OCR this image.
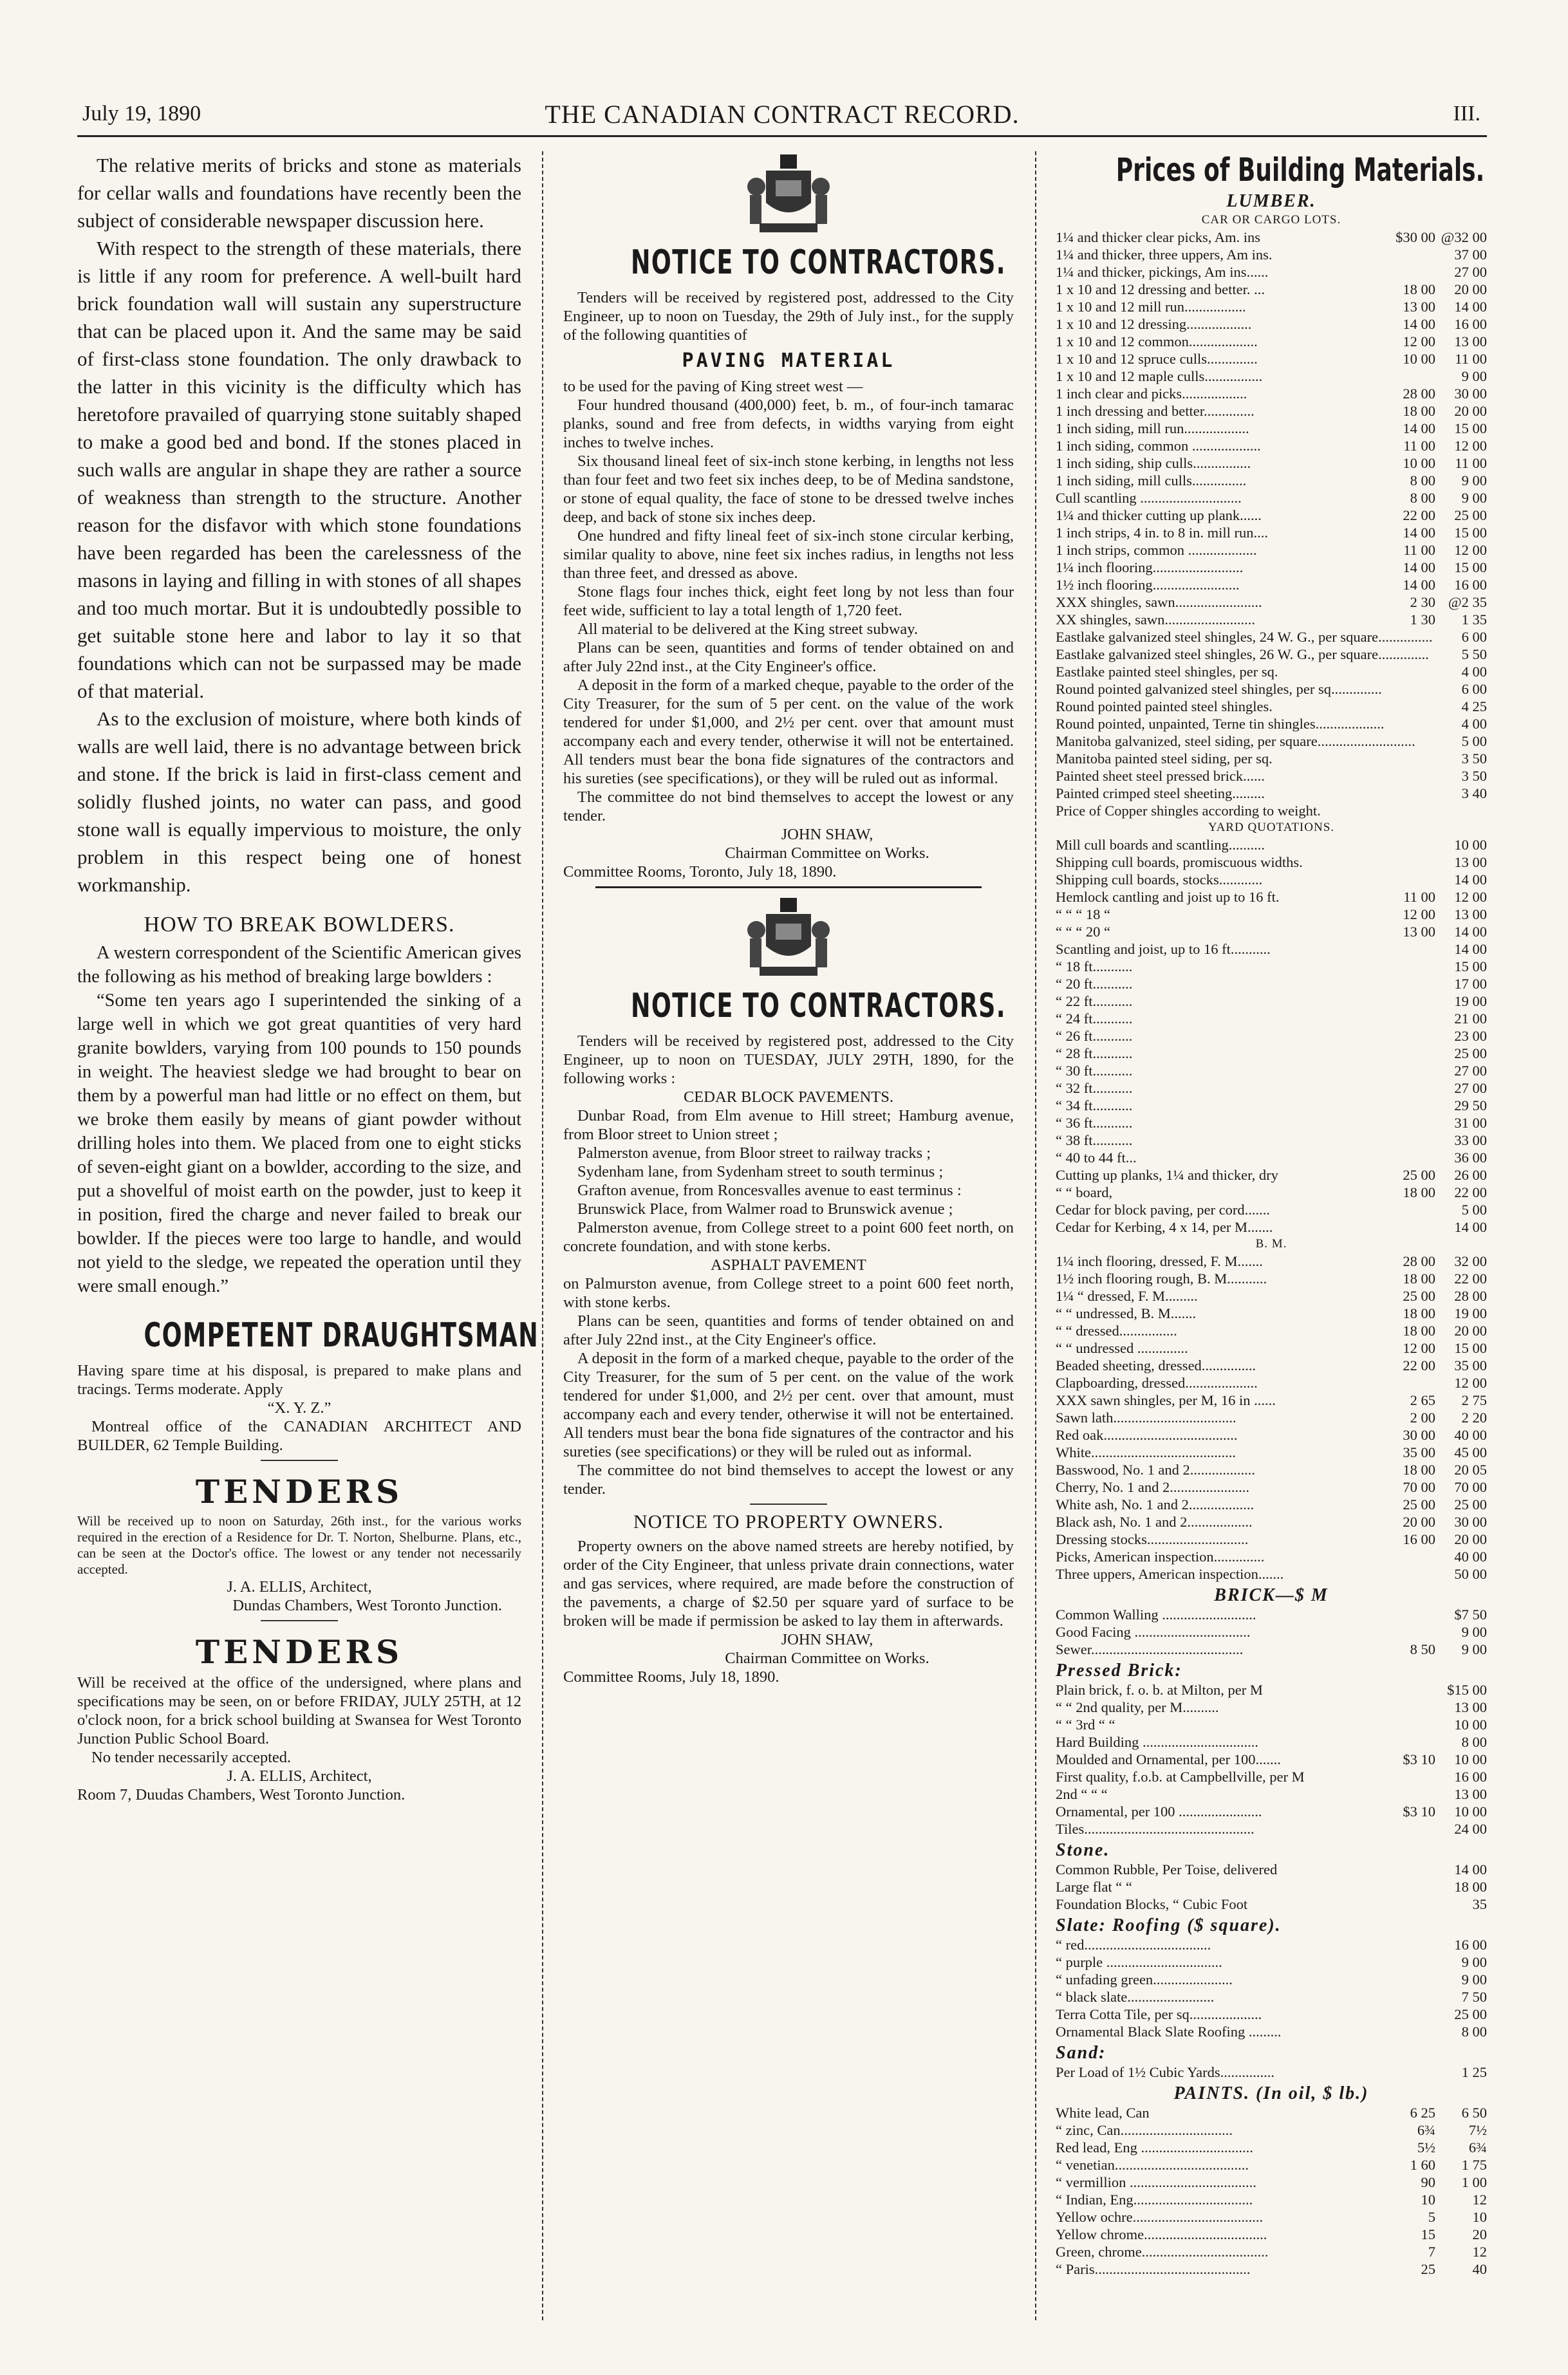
July 19, 1890	THE CANADIAN CONTRACT RECORD.	III.

The relative merits of bricks and stone as materials for cellar walls and foundations have recently been the subject of considerable newspaper discussion here.

With respect to the strength of these materials, there is little if any room for preference. A well-built hard brick foundation wall will sustain any superstructure that can be placed upon it. And the same may be said of first-class stone foundation. The only drawback to the latter in this vicinity is the difficulty which has heretofore pravailed of quarrying stone suitably shaped to make a good bed and bond. If the stones placed in such walls are angular in shape they are rather a source of weakness than strength to the structure. Another reason for the disfavor with which stone foundations have been regarded has been the carelessness of the masons in laying and filling in with stones of all shapes and too much mortar. But it is undoubtedly possible to get suitable stone here and labor to lay it so that foundations which can not be surpassed may be made of that material.

As to the exclusion of moisture, where both kinds of walls are well laid, there is no advantage between brick and stone. If the brick is laid in first-class cement and solidly flushed joints, no water can pass, and good stone wall is equally impervious to moisture, the only problem in this respect being one of honest workmanship.

HOW TO BREAK BOWLDERS.

A western correspondent of the Scientific American gives the following as his method of breaking large bowlders :

“Some ten years ago I superintended the sinking of a large well in which we got great quantities of very hard granite bowlders, varying from 100 pounds to 150 pounds in weight. The heaviest sledge we had brought to bear on them by a powerful man had little or no effect on them, but we broke them easily by means of giant powder without drilling holes into them. We placed from one to eight sticks of seven-eight giant on a bowlder, according to the size, and put a shovelful of moist earth on the powder, just to keep it in position, fired the charge and never failed to break our bowlder. If the pieces were too large to handle, and would not yield to the sledge, we repeated the operation until they were small enough.”

COMPETENT DRAUGHTSMAN

Having spare time at his disposal, is prepared to make plans and tracings. Terms moderate. Apply

“X. Y. Z.”

Montreal office of the CANADIAN ARCHITECT AND BUILDER, 62 Temple Building.

TENDERS

Will be received up to noon on Saturday, 26th inst., for the various works required in the erection of a Residence for Dr. T. Norton, Shelburne. Plans, etc., can be seen at the Doctor's office. The lowest or any tender not necessarily accepted.

J. A. ELLIS, Architect,

Dundas Chambers, West Toronto Junction.

TENDERS

Will be received at the office of the undersigned, where plans and specifications may be seen, on or before FRIDAY, JULY 25TH, at 12 o'clock noon, for a brick school building at Swansea for West Toronto Junction Public School Board.

No tender necessarily accepted.

J. A. ELLIS, Architect,

Room 7, Duudas Chambers, West Toronto Junction.

NOTICE TO CONTRACTORS.

Tenders will be received by registered post, addressed to the City Engineer, up to noon on Tuesday, the 29th of July inst., for the supply of the following quantities of

PAVING MATERIAL

to be used for the paving of King street west —

Four hundred thousand (400,000) feet, b. m., of four-inch tamarac planks, sound and free from defects, in widths varying from eight inches to twelve inches.

Six thousand lineal feet of six-inch stone kerbing, in lengths not less than four feet and two feet six inches deep, to be of Medina sandstone, or stone of equal quality, the face of stone to be dressed twelve inches deep, and back of stone six inches deep.

One hundred and fifty lineal feet of six-inch stone circular kerbing, similar quality to above, nine feet six inches radius, in lengths not less than three feet, and dressed as above.

Stone flags four inches thick, eight feet long by not less than four feet wide, sufficient to lay a total length of 1,720 feet.

All material to be delivered at the King street subway.

Plans can be seen, quantities and forms of tender obtained on and after July 22nd inst., at the City Engineer's office.

A deposit in the form of a marked cheque, payable to the order of the City Treasurer, for the sum of 5 per cent. on the value of the work tendered for under $1,000, and 2½ per cent. over that amount must accompany each and every tender, otherwise it will not be entertained. All tenders must bear the bona fide signatures of the contractors and his sureties (see specifications), or they will be ruled out as informal.

The committee do not bind themselves to accept the lowest or any tender.

JOHN SHAW,

Chairman Committee on Works.

Committee Rooms, Toronto, July 18, 1890.

NOTICE TO CONTRACTORS.

Tenders will be received by registered post, addressed to the City Engineer, up to noon on TUESDAY, JULY 29TH, 1890, for the following works :

CEDAR BLOCK PAVEMENTS.

Dunbar Road, from Elm avenue to Hill street; Hamburg avenue, from Bloor street to Union street ;

Palmerston avenue, from Bloor street to railway tracks ;

Sydenham lane, from Sydenham street to south terminus ;

Grafton avenue, from Roncesvalles avenue to east terminus :

Brunswick Place, from Walmer road to Brunswick avenue ;

Palmerston avenue, from College street to a point 600 feet north, on concrete foundation, and with stone kerbs.

ASPHALT PAVEMENT

on Palmurston avenue, from College street to a point 600 feet north, with stone kerbs.

Plans can be seen, quantities and forms of tender obtained on and after July 22nd inst., at the City Engineer's office.

A deposit in the form of a marked cheque, payable to the order of the City Treasurer, for the sum of 5 per cent. on the value of the work tendered for under $1,000, and 2½ per cent. over that amount, must accompany each and every tender, otherwise it will not be entertained. All tenders must bear the bona fide signatures of the contractor and his sureties (see specifications) or they will be ruled out as informal.

The committee do not bind themselves to accept the lowest or any tender.

NOTICE TO PROPERTY OWNERS.

Property owners on the above named streets are hereby notified, by order of the City Engineer, that unless private drain connections, water and gas services, where required, are made before the construction of the pavements, a charge of $2.50 per square yard of surface to be broken will be made if permission be asked to lay them in afterwards.

JOHN SHAW,

Chairman Committee on Works.

Committee Rooms, July 18, 1890.

Prices of Building Materials.
LUMBER.
CAR OR CARGO LOTS.
1¼ and thicker clear picks, Am. ins	$30 00 @32 00
1¼ and thicker, three uppers, Am ins.	37 00
1¼ and thicker, pickings, Am ins......	27 00
1 x 10 and 12 dressing and better. ...	18 00	20 00
1 x 10 and 12 mill run.................	13 00	14 00
1 x 10 and 12 dressing..................	14 00	16 00
1 x 10 and 12 common...................	12 00	13 00
1 x 10 and 12 spruce culls..............	10 00	11 00
1 x 10 and 12 maple culls................	9 00
1 inch clear and picks..................	28 00	30 00
1 inch dressing and better..............	18 00	20 00
1 inch siding, mill run..................	14 00	15 00
1 inch siding, common ...................	11 00	12 00
1 inch siding, ship culls................	10 00	11 00
1 inch siding, mill culls...............	8 00	9 00
Cull scantling ............................	8 00	9 00
1¼ and thicker cutting up plank......	22 00	25 00
1 inch strips, 4 in. to 8 in. mill run....	14 00	15 00
1 inch strips, common ...................	11 00	12 00
1¼ inch flooring.........................	14 00	15 00
1½ inch flooring........................	14 00	16 00
XXX shingles, sawn........................	2 30 @2 35
XX shingles, sawn.........................	1 30	1 35
Eastlake galvanized steel shingles, 24 W. G., per square............... 6 00
Eastlake galvanized steel shingles, 26 W. G., per square.............. 5 50
Eastlake painted steel shingles, per sq.	4 00
Round pointed galvanized steel shingles, per sq..............	6 00
Round pointed painted steel shingles.	4 25
Round pointed, unpainted, Terne tin shingles...................	4 00
Manitoba galvanized, steel siding, per square...........................	5 00
Manitoba painted steel siding, per sq.	3 50
Painted sheet steel pressed brick......	3 50
Painted crimped steel sheeting.........	3 40
Price of Copper shingles according to weight.
YARD QUOTATIONS.
Mill cull boards and scantling..........	10 00
Shipping cull boards, promiscuous widths.	13 00
Shipping cull boards, stocks............	14 00
Hemlock cantling and joist up to 16 ft.	11 00	12 00
“ “ “ 18 “	12 00	13 00
“ “ “ 20 “	13 00	14 00
Scantling and joist, up to 16 ft...........	14 00
“ 18 ft...........	15 00
“ 20 ft...........	17 00
“ 22 ft...........	19 00
“ 24 ft...........	21 00
“ 26 ft...........	23 00
“ 28 ft...........	25 00
“ 30 ft...........	27 00
“ 32 ft...........	27 00
“ 34 ft...........	29 50
“ 36 ft...........	31 00
“ 38 ft...........	33 00
“ 40 to 44 ft...	36 00
Cutting up planks, 1¼ and thicker, dry	25 00	26 00
“ “ board,	18 00	22 00
Cedar for block paving, per cord.......	5 00
Cedar for Kerbing, 4 x 14, per M.......	14 00
B. M.
1¼ inch flooring, dressed, F. M.......	28 00	32 00
1½ inch flooring rough, B. M...........	18 00	22 00
1¼ “ dressed, F. M.........	25 00	28 00
“ “ undressed, B. M.......	18 00	19 00
“ “ dressed................	18 00	20 00
“ “ undressed ..............	12 00	15 00
Beaded sheeting, dressed...............	22 00	35 00
Clapboarding, dressed....................	12 00
XXX sawn shingles, per M, 16 in ......	2 65	2 75
Sawn lath..................................	2 00	2 20
Red oak.....................................	30 00	40 00
White........................................	35 00	45 00
Basswood, No. 1 and 2..................	18 00	20 05
Cherry, No. 1 and 2......................	70 00	70 00
White ash, No. 1 and 2..................	25 00	25 00
Black ash, No. 1 and 2..................	20 00	30 00
Dressing stocks............................	16 00	20 00
Picks, American inspection..............	40 00
Three uppers, American inspection.......	50 00
BRICK—$ M
Common Walling ..........................	$7 50
Good Facing ................................	9 00
Sewer..........................................	8 50	9 00
Pressed Brick:
Plain brick, f. o. b. at Milton, per M	$15 00
“ “ 2nd quality, per M..........	13 00
“ “ 3rd “ “	10 00
Hard Building ................................	8 00
Moulded and Ornamental, per 100.......	$3 10	10 00
First quality, f.o.b. at Campbellville, per M	16 00
2nd “ “ “	13 00
Ornamental, per 100 .......................	$3 10	10 00
Tiles...............................................	24 00
Stone.
Common Rubble, Per Toise, delivered	14 00
Large flat “ “	18 00
Foundation Blocks, “ Cubic Foot	35
Slate: Roofing ($ square).
“ red...................................	16 00
“ purple ................................	9 00
“ unfading green......................	9 00
“ black slate........................	7 50
Terra Cotta Tile, per sq....................	25 00
Ornamental Black Slate Roofing .........	8 00
Sand:
Per Load of 1½ Cubic Yards...............	1 25
PAINTS. (In oil, $ lb.)
White lead, Can	6 25	6 50
“ zinc, Can...............................	6¾	7½
Red lead, Eng ...............................	5½	6¾
“ venetian.....................................	1 60	1 75
“ vermillion ...................................	90	1 00
“ Indian, Eng.................................	10	12
Yellow ochre....................................	5	10
Yellow chrome..................................	15	20
Green, chrome...................................	7	12
“ Paris...........................................	25	40
